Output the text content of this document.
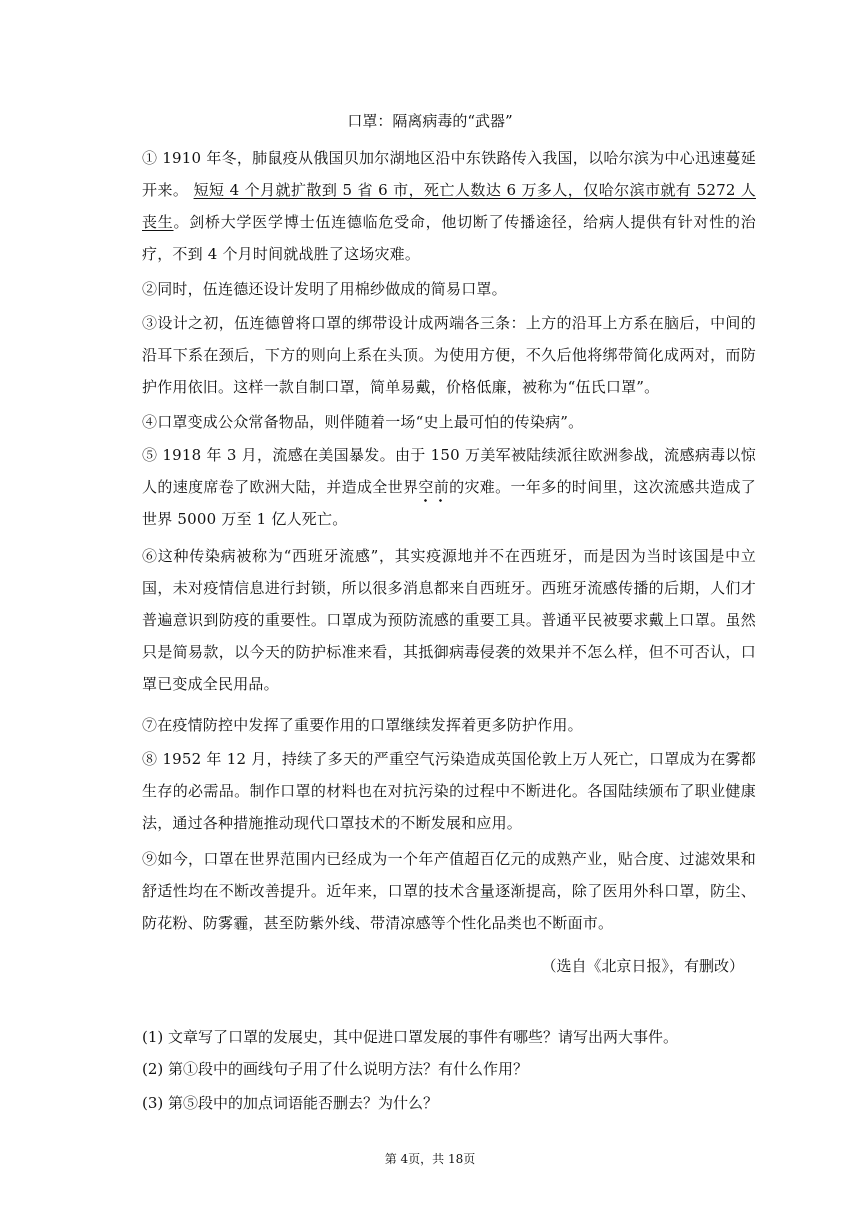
口罩：隔离病毒的“武器”

① 1910 年冬，肺鼠疫从俄国贝加尔湖地区沿中东铁路传入我国，以哈尔滨为中心迅速蔓延开来。 短短 4 个月就扩散到 5 省 6 市，死亡人数达 6 万多人，仅哈尔滨市就有 5272 人丧生。剑桥大学医学博士伍连德临危受命，他切断了传播途径，给病人提供有针对性的治疗，不到 4 个月时间就战胜了这场灾难。

②同时，伍连德还设计发明了用棉纱做成的简易口罩。

③设计之初，伍连德曾将口罩的绑带设计成两端各三条：上方的沿耳上方系在脑后，中间的沿耳下系在颈后，下方的则向上系在头顶。为使用方便，不久后他将绑带简化成两对，而防护作用依旧。这样一款自制口罩，简单易戴，价格低廉，被称为“伍氏口罩”。

④口罩变成公众常备物品，则伴随着一场“史上最可怕的传染病”。

⑤ 1918 年 3 月，流感在美国暴发。由于 150 万美军被陆续派往欧洲参战，流感病毒以惊人的速度席卷了欧洲大陆，并造成全世界空前的灾难。一年多的时间里，这次流感共造成了世界 5000 万至 1 亿人死亡。

⑥这种传染病被称为“西班牙流感”，其实疫源地并不在西班牙，而是因为当时该国是中立国，未对疫情信息进行封锁，所以很多消息都来自西班牙。西班牙流感传播的后期，人们才普遍意识到防疫的重要性。口罩成为预防流感的重要工具。普通平民被要求戴上口罩。虽然只是简易款，以今天的防护标准来看，其抵御病毒侵袭的效果并不怎么样，但不可否认，口罩已变成全民用品。

⑦在疫情防控中发挥了重要作用的口罩继续发挥着更多防护作用。

⑧ 1952 年 12 月，持续了多天的严重空气污染造成英国伦敦上万人死亡，口罩成为在雾都生存的必需品。制作口罩的材料也在对抗污染的过程中不断进化。各国陆续颁布了职业健康法，通过各种措施推动现代口罩技术的不断发展和应用。

⑨如今，口罩在世界范围内已经成为一个年产值超百亿元的成熟产业，贴合度、过滤效果和舒适性均在不断改善提升。近年来，口罩的技术含量逐渐提高，除了医用外科口罩，防尘、防花粉、防雾霾，甚至防紫外线、带清凉感等个性化品类也不断面市。

（选自《北京日报》，有删改）

(1) 文章写了口罩的发展史，其中促进口罩发展的事件有哪些？请写出两大事件。

(2) 第①段中的画线句子用了什么说明方法？有什么作用？

(3) 第⑤段中的加点词语能否删去？为什么？

第 4页，共 18页
